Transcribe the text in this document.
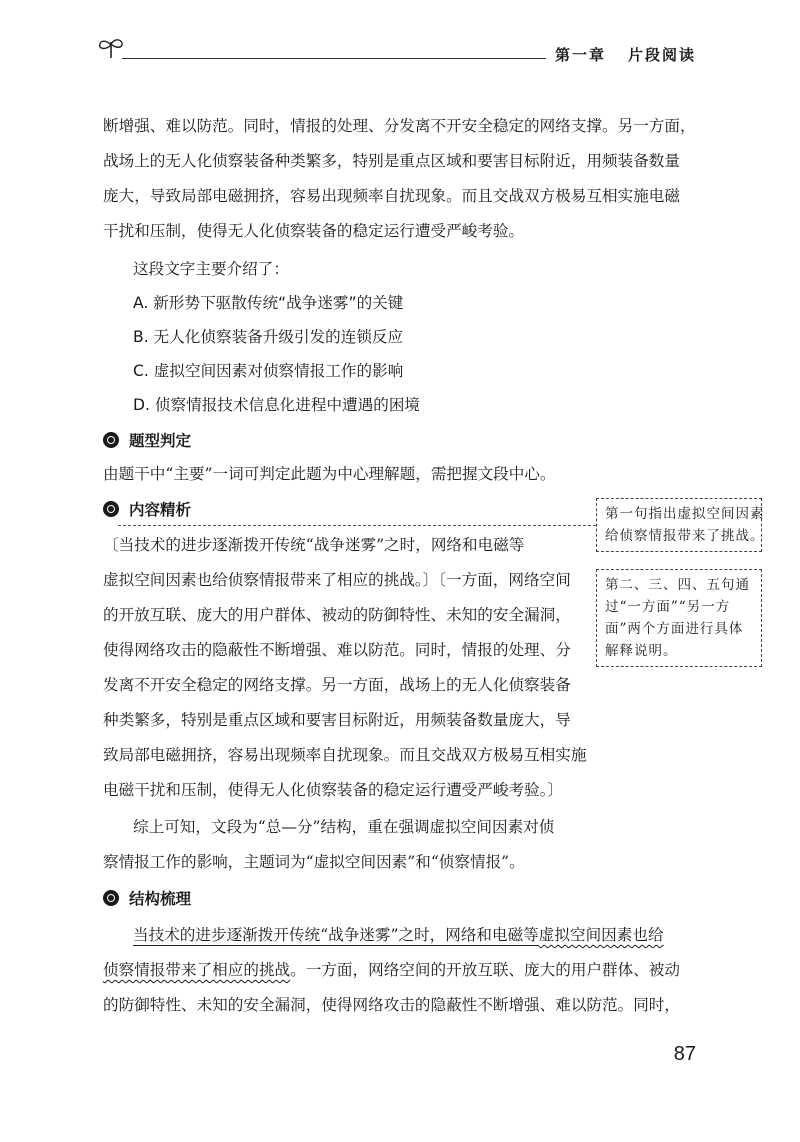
第一章 片段阅读
断增强、难以防范。同时，情报的处理、分发离不开安全稳定的网络支撑。另一方面，
战场上的无人化侦察装备种类繁多，特别是重点区域和要害目标附近，用频装备数量
庞大，导致局部电磁拥挤，容易出现频率自扰现象。而且交战双方极易互相实施电磁
干扰和压制，使得无人化侦察装备的稳定运行遭受严峻考验。
这段文字主要介绍了：
A. 新形势下驱散传统“战争迷雾”的关键
B. 无人化侦察装备升级引发的连锁反应
C. 虚拟空间因素对侦察情报工作的影响
D. 侦察情报技术信息化进程中遭遇的困境
题型判定
由题干中“主要”一词可判定此题为中心理解题，需把握文段中心。
内容精析
〔当技术的进步逐渐拨开传统“战争迷雾”之时，网络和电磁等
虚拟空间因素也给侦察情报带来了相应的挑战。〕〔一方面，网络空间
的开放互联、庞大的用户群体、被动的防御特性、未知的安全漏洞，
使得网络攻击的隐蔽性不断增强、难以防范。同时，情报的处理、分
发离不开安全稳定的网络支撑。另一方面，战场上的无人化侦察装备
种类繁多，特别是重点区域和要害目标附近，用频装备数量庞大，导
致局部电磁拥挤，容易出现频率自扰现象。而且交战双方极易互相实施
电磁干扰和压制，使得无人化侦察装备的稳定运行遭受严峻考验。〕
第一句指出虚拟空间因素
给侦察情报带来了挑战。
第二、三、四、五句通
过“一方面”“另一方
面”两个方面进行具体
解释说明。
综上可知，文段为“总—分”结构，重在强调虚拟空间因素对侦
察情报工作的影响，主题词为“虚拟空间因素”和“侦察情报”。
结构梳理
当技术的进步逐渐拨开传统“战争迷雾”之时，网络和电磁等虚拟空间因素也给
侦察情报带来了相应的挑战。一方面，网络空间的开放互联、庞大的用户群体、被动
的防御特性、未知的安全漏洞，使得网络攻击的隐蔽性不断增强、难以防范。同时，
87
